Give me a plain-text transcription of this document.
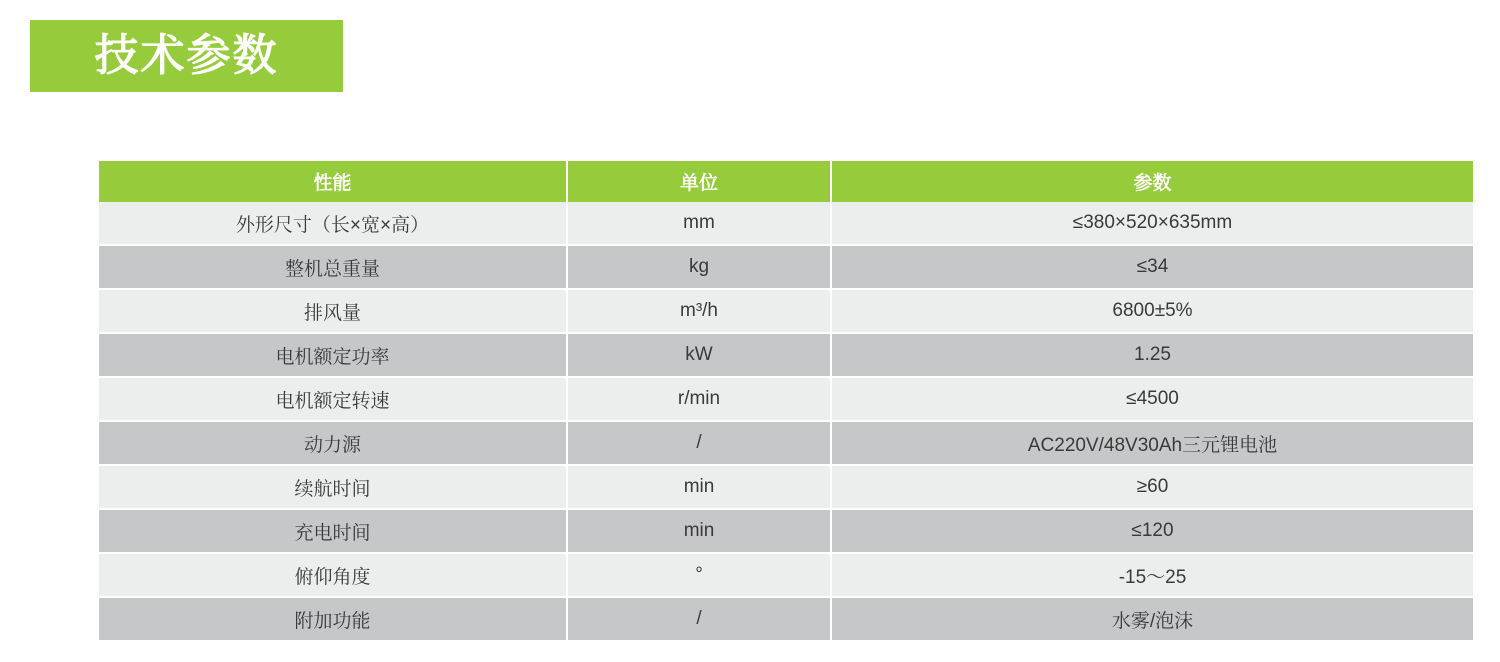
技术参数
性能	单位	参数
外形尺寸（长×宽×高）	mm	≤380×520×635mm
整机总重量	kg	≤34
排风量	m³/h	6800±5%
电机额定功率	kW	1.25
电机额定转速	r/min	≤4500
动力源	/	AC220V/48V30Ah三元锂电池
续航时间	min	≥60
充电时间	min	≤120
俯仰角度	°	-15～25
附加功能	/	水雾/泡沫
